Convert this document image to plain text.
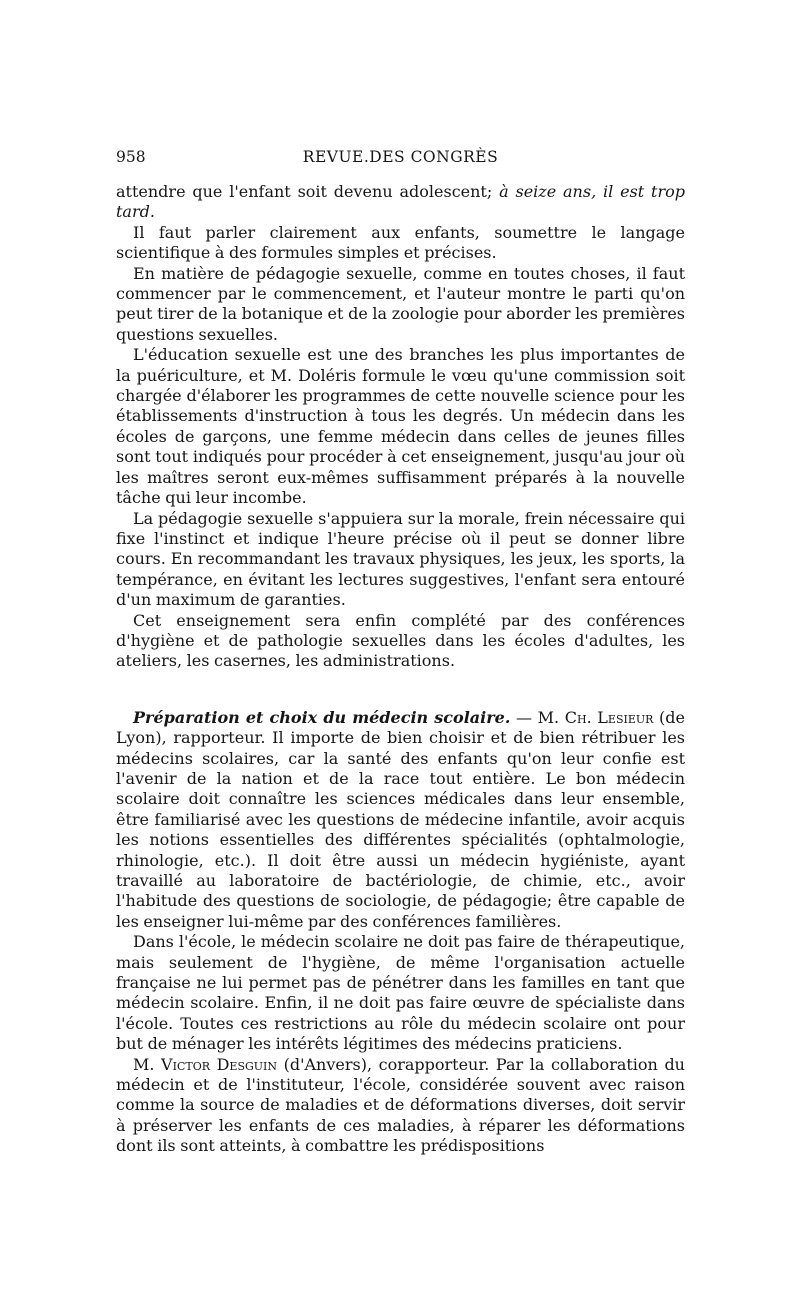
958	REVUE.DES CONGRÈS

attendre que l'enfant soit devenu adolescent; à seize ans, il est trop tard.

Il faut parler clairement aux enfants, soumettre le langage scientifique à des formules simples et précises.

En matière de pédagogie sexuelle, comme en toutes choses, il faut commencer par le commencement, et l'auteur montre le parti qu'on peut tirer de la botanique et de la zoologie pour aborder les premières questions sexuelles.

L'éducation sexuelle est une des branches les plus importantes de la puériculture, et M. Doléris formule le vœu qu'une commission soit chargée d'élaborer les programmes de cette nouvelle science pour les établissements d'instruction à tous les degrés. Un médecin dans les écoles de garçons, une femme médecin dans celles de jeunes filles sont tout indiqués pour procéder à cet enseignement, jusqu'au jour où les maîtres seront eux-mêmes suffisamment préparés à la nouvelle tâche qui leur incombe.

La pédagogie sexuelle s'appuiera sur la morale, frein nécessaire qui fixe l'instinct et indique l'heure précise où il peut se donner libre cours. En recommandant les travaux physiques, les jeux, les sports, la tempérance, en évitant les lectures suggestives, l'enfant sera entouré d'un maximum de garanties.

Cet enseignement sera enfin complété par des conférences d'hygiène et de pathologie sexuelles dans les écoles d'adultes, les ateliers, les casernes, les administrations.

Préparation et choix du médecin scolaire. — M. Ch. Lesieur (de Lyon), rapporteur. Il importe de bien choisir et de bien rétribuer les médecins scolaires, car la santé des enfants qu'on leur confie est l'avenir de la nation et de la race tout entière. Le bon médecin scolaire doit connaître les sciences médicales dans leur ensemble, être familiarisé avec les questions de médecine infantile, avoir acquis les notions essentielles des différentes spécialités (ophtalmologie, rhinologie, etc.). Il doit être aussi un médecin hygiéniste, ayant travaillé au laboratoire de bactériologie, de chimie, etc., avoir l'habitude des questions de sociologie, de pédagogie; être capable de les enseigner lui-même par des conférences familières.

Dans l'école, le médecin scolaire ne doit pas faire de thérapeutique, mais seulement de l'hygiène, de même l'organisation actuelle française ne lui permet pas de pénétrer dans les familles en tant que médecin scolaire. Enfin, il ne doit pas faire œuvre de spécialiste dans l'école. Toutes ces restrictions au rôle du médecin scolaire ont pour but de ménager les intérêts légitimes des médecins praticiens.

M. Victor Desguin (d'Anvers), corapporteur. Par la collaboration du médecin et de l'instituteur, l'école, considérée souvent avec raison comme la source de maladies et de déformations diverses, doit servir à préserver les enfants de ces maladies, à réparer les déformations dont ils sont atteints, à combattre les prédispositions
